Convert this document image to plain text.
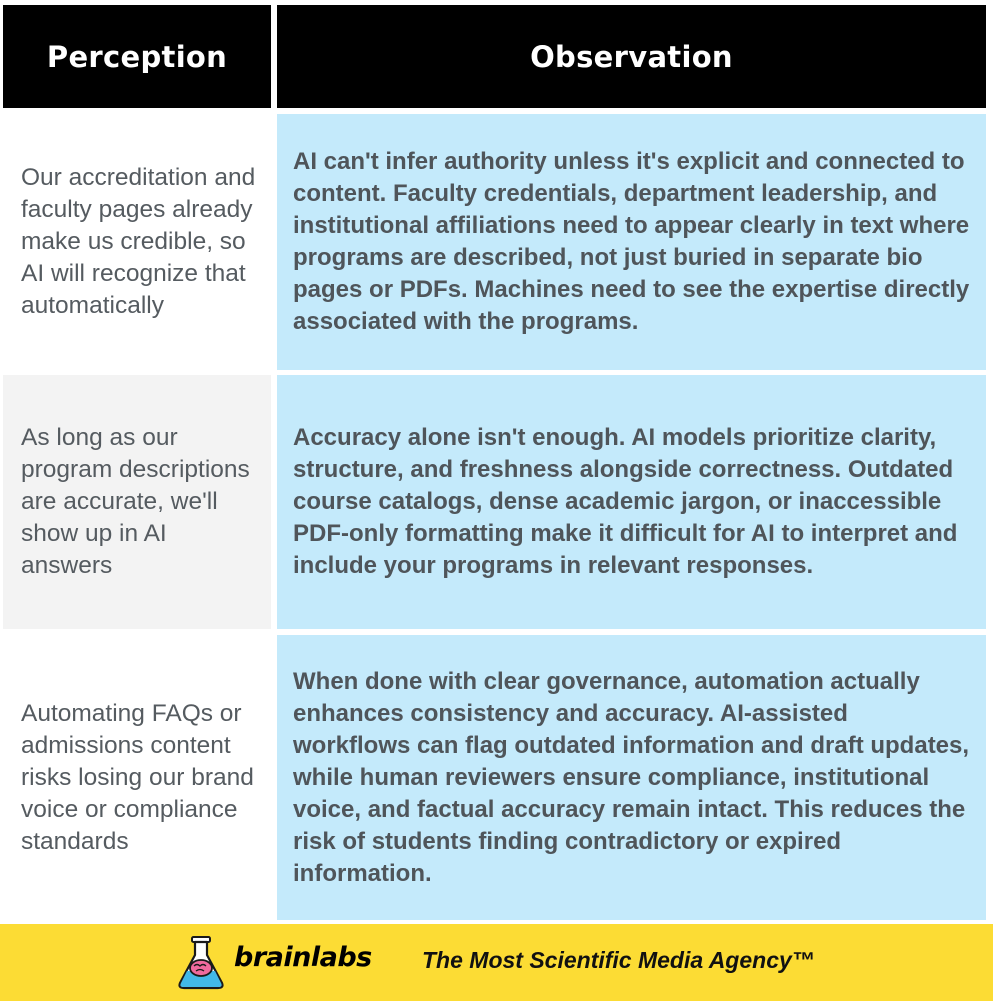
Perception	Observation
Our accreditation and faculty pages already make us credible, so AI will recognize that automatically
AI can't infer authority unless it's explicit and connected to content. Faculty credentials, department leadership, and institutional affiliations need to appear clearly in text where programs are described, not just buried in separate bio pages or PDFs. Machines need to see the expertise directly associated with the programs.
As long as our program descriptions are accurate, we'll show up in AI answers
Accuracy alone isn't enough. AI models prioritize clarity, structure, and freshness alongside correctness. Outdated course catalogs, dense academic jargon, or inaccessible PDF-only formatting make it difficult for AI to interpret and include your programs in relevant responses.
Automating FAQs or admissions content risks losing our brand voice or compliance standards
When done with clear governance, automation actually enhances consistency and accuracy. AI-assisted workflows can flag outdated information and draft updates, while human reviewers ensure compliance, institutional voice, and factual accuracy remain intact. This reduces the risk of students finding contradictory or expired information.
brainlabs The Most Scientific Media Agency™
